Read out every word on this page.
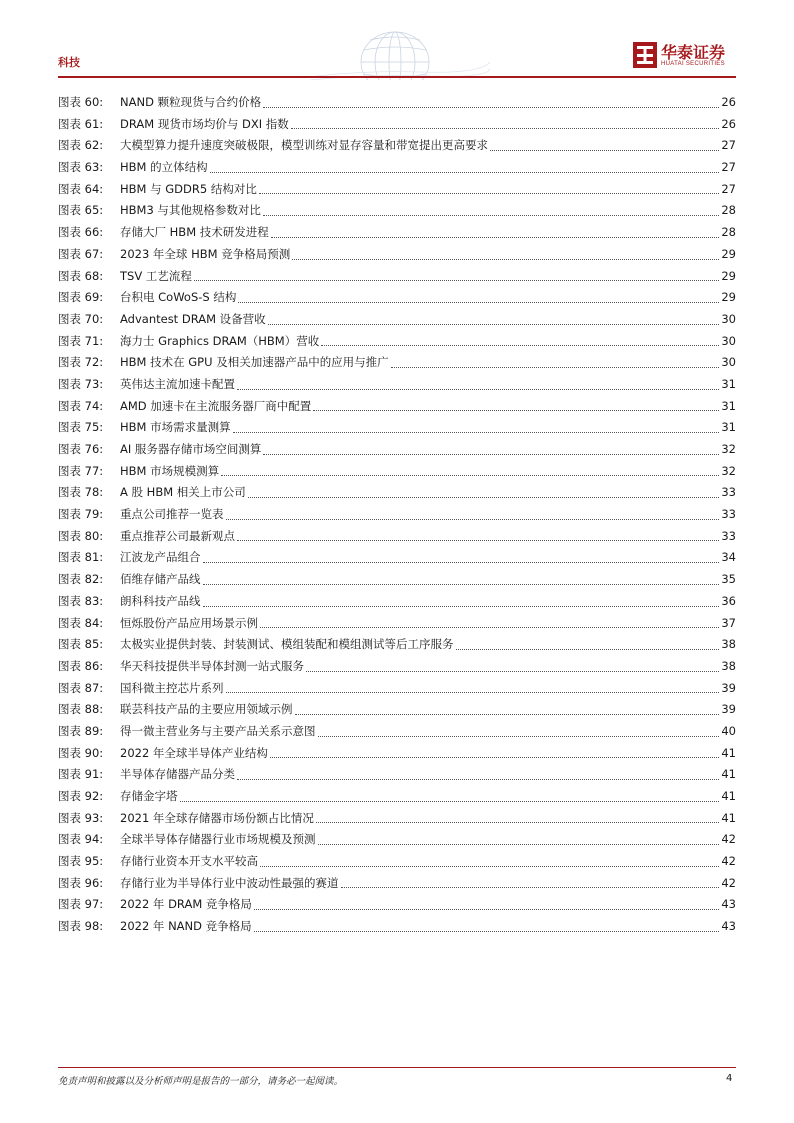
科技
华泰证券
HUATAI SECURITIES
图表 60:	NAND 颗粒现货与合约价格	26
图表 61:	DRAM 现货市场均价与 DXI 指数	26
图表 62:	大模型算力提升速度突破极限，模型训练对显存容量和带宽提出更高要求	27
图表 63:	HBM 的立体结构	27
图表 64:	HBM 与 GDDR5 结构对比	27
图表 65:	HBM3 与其他规格参数对比	28
图表 66:	存储大厂 HBM 技术研发进程	28
图表 67:	2023 年全球 HBM 竞争格局预测	29
图表 68:	TSV 工艺流程	29
图表 69:	台积电 CoWoS-S 结构	29
图表 70:	Advantest DRAM 设备营收	30
图表 71:	海力士 Graphics DRAM（HBM）营收	30
图表 72:	HBM 技术在 GPU 及相关加速器产品中的应用与推广	30
图表 73:	英伟达主流加速卡配置	31
图表 74:	AMD 加速卡在主流服务器厂商中配置	31
图表 75:	HBM 市场需求量测算	31
图表 76:	AI 服务器存储市场空间测算	32
图表 77:	HBM 市场规模测算	32
图表 78:	A 股 HBM 相关上市公司	33
图表 79:	重点公司推荐一览表	33
图表 80:	重点推荐公司最新观点	33
图表 81:	江波龙产品组合	34
图表 82:	佰维存储产品线	35
图表 83:	朗科科技产品线	36
图表 84:	恒烁股份产品应用场景示例	37
图表 85:	太极实业提供封装、封装测试、模组装配和模组测试等后工序服务	38
图表 86:	华天科技提供半导体封测一站式服务	38
图表 87:	国科微主控芯片系列	39
图表 88:	联芸科技产品的主要应用领域示例	39
图表 89:	得一微主营业务与主要产品关系示意图	40
图表 90:	2022 年全球半导体产业结构	41
图表 91:	半导体存储器产品分类	41
图表 92:	存储金字塔	41
图表 93:	2021 年全球存储器市场份额占比情况	41
图表 94:	全球半导体存储器行业市场规模及预测	42
图表 95:	存储行业资本开支水平较高	42
图表 96:	存储行业为半导体行业中波动性最强的赛道	42
图表 97:	2022 年 DRAM 竞争格局	43
图表 98:	2022 年 NAND 竞争格局	43
免责声明和披露以及分析师声明是报告的一部分，请务必一起阅读。	4
